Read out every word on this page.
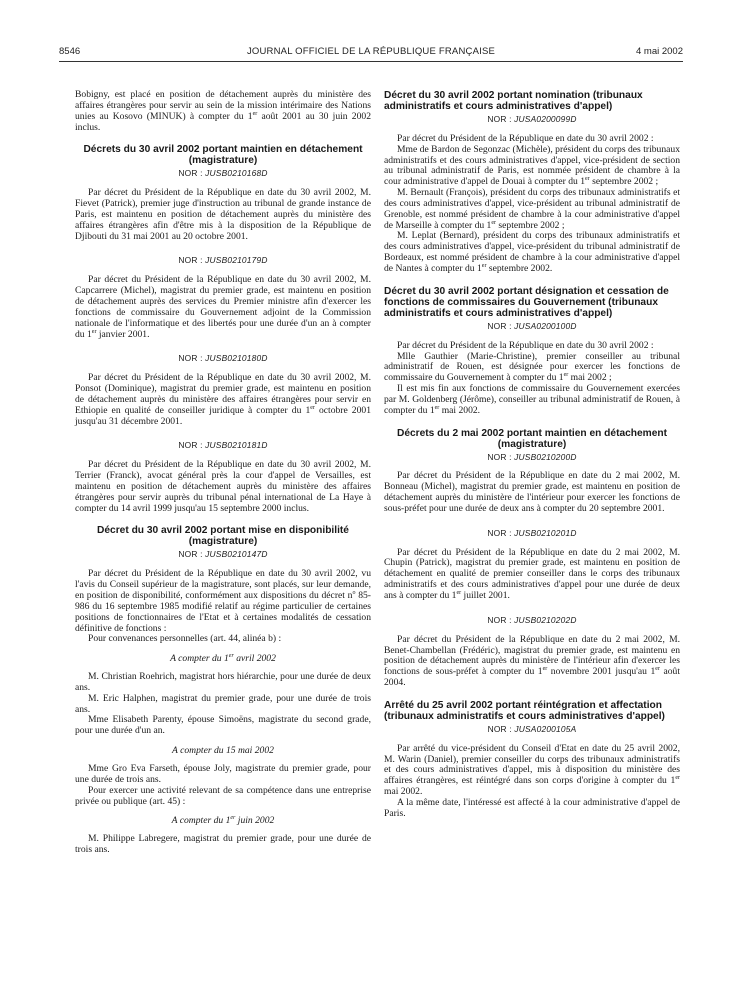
8546	JOURNAL OFFICIEL DE LA RÉPUBLIQUE FRANÇAISE	4 mai 2002

Bobigny, est placé en position de détachement auprès du ministère des affaires étrangères pour servir au sein de la mission intérimaire des Nations unies au Kosovo (MINUK) à compter du 1er août 2001 au 30 juin 2002 inclus.

Décrets du 30 avril 2002 portant maintien en détachement (magistrature)
NOR : JUSB0210168D

Par décret du Président de la République en date du 30 avril 2002, M. Fievet (Patrick), premier juge d'instruction au tribunal de grande instance de Paris, est maintenu en position de détachement auprès du ministère des affaires étrangères afin d'être mis à la disposition de la République de Djibouti du 31 mai 2001 au 20 octobre 2001.

NOR : JUSB0210179D

Par décret du Président de la République en date du 30 avril 2002, M. Capcarrere (Michel), magistrat du premier grade, est maintenu en position de détachement auprès des services du Premier ministre afin d'exercer les fonctions de commissaire du Gouvernement adjoint de la Commission nationale de l'informatique et des libertés pour une durée d'un an à compter du 1er janvier 2001.

NOR : JUSB0210180D

Par décret du Président de la République en date du 30 avril 2002, M. Ponsot (Dominique), magistrat du premier grade, est maintenu en position de détachement auprès du ministère des affaires étrangères pour servir en Ethiopie en qualité de conseiller juridique à compter du 1er octobre 2001 jusqu'au 31 décembre 2001.

NOR : JUSB0210181D

Par décret du Président de la République en date du 30 avril 2002, M. Terrier (Franck), avocat général près la cour d'appel de Versailles, est maintenu en position de détachement auprès du ministère des affaires étrangères pour servir auprès du tribunal pénal international de La Haye à compter du 14 avril 1999 jusqu'au 15 septembre 2000 inclus.

Décret du 30 avril 2002 portant mise en disponibilité (magistrature)
NOR : JUSB0210147D

Par décret du Président de la République en date du 30 avril 2002, vu l'avis du Conseil supérieur de la magistrature, sont placés, sur leur demande, en position de disponibilité, conformément aux dispositions du décret $n^o$ 85-986 du 16 septembre 1985 modifié relatif au régime particulier de certaines positions de fonctionnaires de l'Etat et à certaines modalités de cessation définitive de fonctions :

Pour convenances personnelles (art. 44, alinéa b) :

A compter du 1er avril 2002

M. Christian Roehrich, magistrat hors hiérarchie, pour une durée de deux ans.

M. Eric Halphen, magistrat du premier grade, pour une durée de trois ans.

Mme Elisabeth Parenty, épouse Simoëns, magistrate du second grade, pour une durée d'un an.

A compter du 15 mai 2002

Mme Gro Eva Farseth, épouse Joly, magistrate du premier grade, pour une durée de trois ans.

Pour exercer une activité relevant de sa compétence dans une entreprise privée ou publique (art. 45) :

A compter du 1er juin 2002

M. Philippe Labregere, magistrat du premier grade, pour une durée de trois ans.

Décret du 30 avril 2002 portant nomination (tribunaux administratifs et cours administratives d'appel)
NOR : JUSA0200099D

Par décret du Président de la République en date du 30 avril 2002 :

Mme de Bardon de Segonzac (Michèle), président du corps des tribunaux administratifs et des cours administratives d'appel, vice-président de section au tribunal administratif de Paris, est nommée président de chambre à la cour administrative d'appel de Douai à compter du 1er septembre 2002 ;

M. Bernault (François), président du corps des tribunaux administratifs et des cours administratives d'appel, vice-président au tribunal administratif de Grenoble, est nommé président de chambre à la cour administrative d'appel de Marseille à compter du 1er septembre 2002 ;

M. Leplat (Bernard), président du corps des tribunaux administratifs et des cours administratives d'appel, vice-président du tribunal administratif de Bordeaux, est nommé président de chambre à la cour administrative d'appel de Nantes à compter du 1er septembre 2002.

Décret du 30 avril 2002 portant désignation et cessation de fonctions de commissaires du Gouvernement (tribunaux administratifs et cours administratives d'appel)
NOR : JUSA0200100D

Par décret du Président de la République en date du 30 avril 2002 :

Mlle Gauthier (Marie-Christine), premier conseiller au tribunal administratif de Rouen, est désignée pour exercer les fonctions de commissaire du Gouvernement à compter du 1er mai 2002 ;

Il est mis fin aux fonctions de commissaire du Gouvernement exercées par M. Goldenberg (Jérôme), conseiller au tribunal administratif de Rouen, à compter du 1er mai 2002.

Décrets du 2 mai 2002 portant maintien en détachement (magistrature)
NOR : JUSB0210200D

Par décret du Président de la République en date du 2 mai 2002, M. Bonneau (Michel), magistrat du premier grade, est maintenu en position de détachement auprès du ministère de l'intérieur pour exercer les fonctions de sous-préfet pour une durée de deux ans à compter du 20 septembre 2001.

NOR : JUSB0210201D

Par décret du Président de la République en date du 2 mai 2002, M. Chupin (Patrick), magistrat du premier grade, est maintenu en position de détachement en qualité de premier conseiller dans le corps des tribunaux administratifs et des cours administratives d'appel pour une durée de deux ans à compter du 1er juillet 2001.

NOR : JUSB0210202D

Par décret du Président de la République en date du 2 mai 2002, M. Benet-Chambellan (Frédéric), magistrat du premier grade, est maintenu en position de détachement auprès du ministère de l'intérieur afin d'exercer les fonctions de sous-préfet à compter du 1er novembre 2001 jusqu'au 1er août 2004.

Arrêté du 25 avril 2002 portant réintégration et affectation (tribunaux administratifs et cours administratives d'appel)
NOR : JUSA0200105A

Par arrêté du vice-président du Conseil d'Etat en date du 25 avril 2002, M. Warin (Daniel), premier conseiller du corps des tribunaux administratifs et des cours administratives d'appel, mis à disposition du ministère des affaires étrangères, est réintégré dans son corps d'origine à compter du 1er mai 2002.

A la même date, l'intéressé est affecté à la cour administrative d'appel de Paris.
